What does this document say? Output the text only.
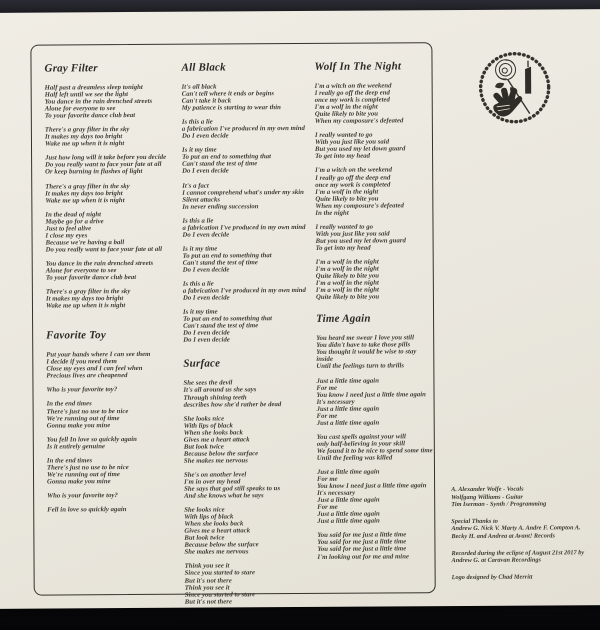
Gray Filter

Half past a dreamless sleep tonight
Half left until we see the light
You dance in the rain drenched streets
Alone for everyone to see
To your favorite dance club beat

There's a gray filter in the sky
It makes my days too bright
Wake me up when it is night

Just how long will it take before you decide
Do you really want to face your fate at all
Or keep burning in flashes of light

There's a gray filter in the sky
It makes my days too bright
Wake me up when it is night

In the dead of night
Maybe go for a drive
Just to feel alive
I close my eyes
Because we're having a ball
Do you really want to face your fate at all

You dance in the rain drenched streets
Alone for everyone to see
To your favorite dance club beat

There's a gray filter in the sky
It makes my days too bright
Wake me up when it is night

Favorite Toy

Put your hands where I can see them
I decide if you need them
Close my eyes and I can feel when
Precious lives are cheapened

Who is your favorite toy?

In the end times
There's just no use to be nice
We're running out of time
Gonna make you mine

You fell In love so quickly again
Is it entirely genuine

In the end times
There's just no use to be nice
We're running out of time
Gonna make you mine

Who is your favorite toy?

Fell in love so quickly again

All Black

It's all black
Can't tell where it ends or begins
Can't take it back
My patience is starting to wear thin

Is this a lie
a fabrication I've produced in my own mind
Do I even decide

Is it my time
To put an end to something that
Can't stand the test of time
Do I even decide

It's a fact
I cannot comprehend what's under my skin
Silent attacks
In never ending succession

Is this a lie
a fabrication I've produced in my own mind
Do I even decide

Is it my time
To put an end to something that
Can't stand the test of time
Do I even decide

Is this a lie
a fabrication I've produced in my own mind
Do I even decide

Is it my time
To put an end to something that
Can't stand the test of time
Do I even decide
Do I even decide

Surface

She sees the devil
It's all around us she says
Through shining teeth
describes how she'd rather be dead

She looks nice
With lips of black
When she looks back
Gives me a heart attack
But look twice
Because below the surface
She makes me nervous

She's on another level
I'm in over my head
She says that god still speaks to us
And she knows what he says

She looks nice
With lips of black
When she looks back
Gives me a heart attack
But look twice
Because below the surface
She makes me nervous

Think you see it
Since you started to stare
But it's not there
Think you see it
Since you started to stare
But it's not there

Wolf In The Night

I'm a witch on the weekend
I really go off the deep end
once my work is completed
I'm a wolf in the night
Quite likely to bite you
When my composure's defeated

I really wanted to go
With you just like you said
But you used my let down guard
To get into my head

I'm a witch on the weekend
I really go off the deep end
once my work is completed
I'm a wolf in the night
Quite likely to bite you
When my composure's defeated
In the night

I really wanted to go
With you just like you said
But you used my let down guard
To get into my head

I'm a wolf in the night
I'm a wolf in the night
Quite likely to bite you
I'm a wolf in the night
I'm a wolf in the night
Quite likely to bite you

Time Again

You heard me swear I love you still
You didn't have to take those pills
You thought it would be wise to stay inside
Until the feelings turn to thrills

Just a little time again
For me
You know I need just a little time again
It's necessary
Just a little time again
For me
Just a little time again

You cast spells against your will
only half-believing in your skill
We found it to be nice to spend some time
Until the feeling was killed

Just a little time again
For me
You know I need just a little time again
It's necessary
Just a little time again
For me
Just a little time again
Just a little time again

You said for me just a little time
You said for me just a little time
You said for me just a little time
I'm looking out for me and mine

A. Alexander Wolfe - Vocals
Wolfgang Williams - Guitar
Tim Iserman - Synth / Programming

Special Thanks to
Andrew G. Nick V. Marty A. Andre F. Compton A.
Becky H. and Andrea at Avant! Records

Recorded during the eclipse of August 21st 2017 by
Andrew G. at Caravan Recordings

Logo designed by Chad Merritt
